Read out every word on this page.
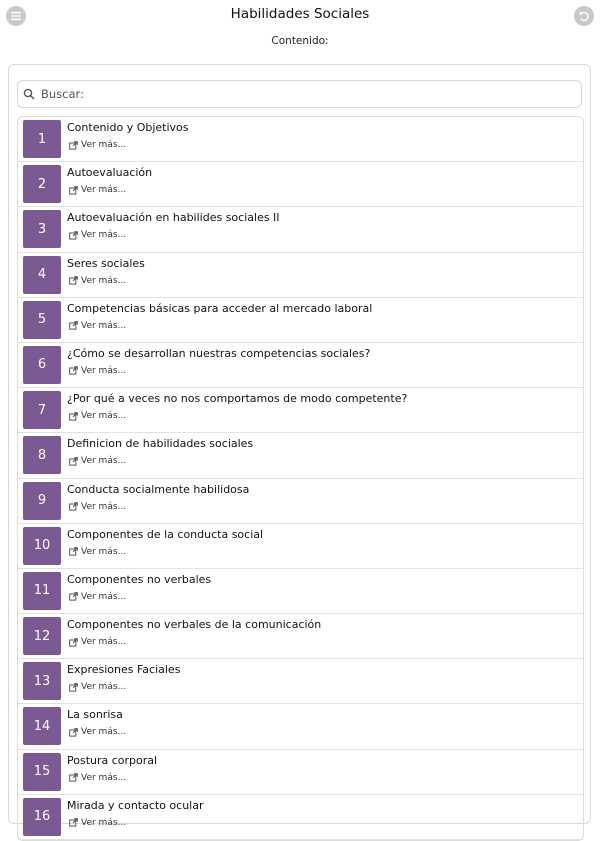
Habilidades Sociales
Contenido:
Buscar:
1
Contenido y Objetivos
Ver más...
2
Autoevaluación
Ver más...
3
Autoevaluación en habilides sociales II
Ver más...
4
Seres sociales
Ver más...
5
Competencias básicas para acceder al mercado laboral
Ver más...
6
¿Cómo se desarrollan nuestras competencias sociales?
Ver más...
7
¿Por qué a veces no nos comportamos de modo competente?
Ver más...
8
Definicion de habilidades sociales
Ver más...
9
Conducta socialmente habilidosa
Ver más...
10
Componentes de la conducta social
Ver más...
11
Componentes no verbales
Ver más...
12
Componentes no verbales de la comunicación
Ver más...
13
Expresiones Faciales
Ver más...
14
La sonrisa
Ver más...
15
Postura corporal
Ver más...
16
Mirada y contacto ocular
Ver más...
